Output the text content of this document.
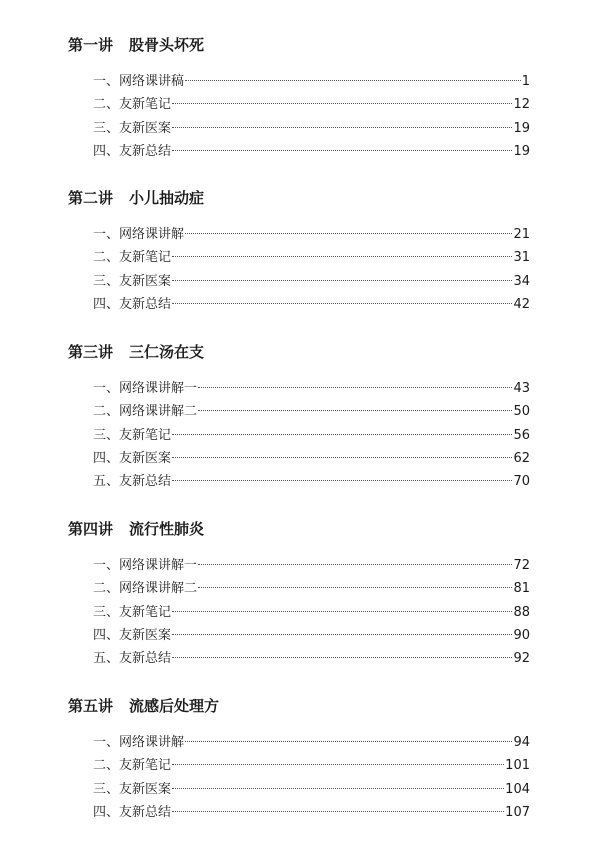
第一讲 股骨头坏死
一、网络课讲稿	1
二、友新笔记	12
三、友新医案	19
四、友新总结	19
第二讲 小儿抽动症
一、网络课讲解	21
二、友新笔记	31
三、友新医案	34
四、友新总结	42
第三讲 三仁汤在支
一、网络课讲解一	43
二、网络课讲解二	50
三、友新笔记	56
四、友新医案	62
五、友新总结	70
第四讲 流行性肺炎
一、网络课讲解一	72
二、网络课讲解二	81
三、友新笔记	88
四、友新医案	90
五、友新总结	92
第五讲 流感后处理方
一、网络课讲解	94
二、友新笔记	101
三、友新医案	104
四、友新总结	107
